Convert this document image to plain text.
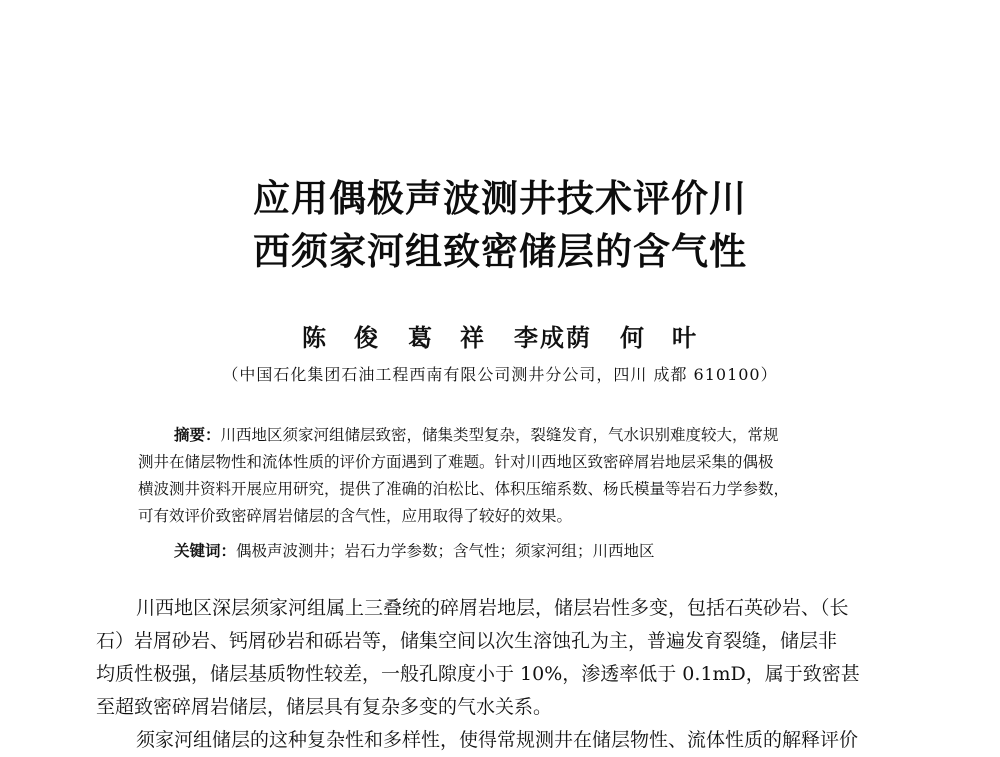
应用偶极声波测井技术评价川
西须家河组致密储层的含气性
陈　俊 葛　祥 李成荫 何　叶
（中国石化集团石油工程西南有限公司测井分公司，四川 成都 610100）
摘要：川西地区须家河组储层致密，储集类型复杂，裂缝发育，气水识别难度较大，常规
测井在储层物性和流体性质的评价方面遇到了难题。针对川西地区致密碎屑岩地层采集的偶极
横波测井资料开展应用研究，提供了准确的泊松比、体积压缩系数、杨氏模量等岩石力学参数，
可有效评价致密碎屑岩储层的含气性，应用取得了较好的效果。
关键词：偶极声波测井；岩石力学参数；含气性；须家河组；川西地区
川西地区深层须家河组属上三叠统的碎屑岩地层，储层岩性多变，包括石英砂岩、（长
石）岩屑砂岩、钙屑砂岩和砾岩等，储集空间以次生溶蚀孔为主，普遍发育裂缝，储层非
均质性极强，储层基质物性较差，一般孔隙度小于 10%，渗透率低于 0.1mD，属于致密甚
至超致密碎屑岩储层，储层具有复杂多变的气水关系。
须家河组储层的这种复杂性和多样性，使得常规测井在储层物性、流体性质的解释评价
